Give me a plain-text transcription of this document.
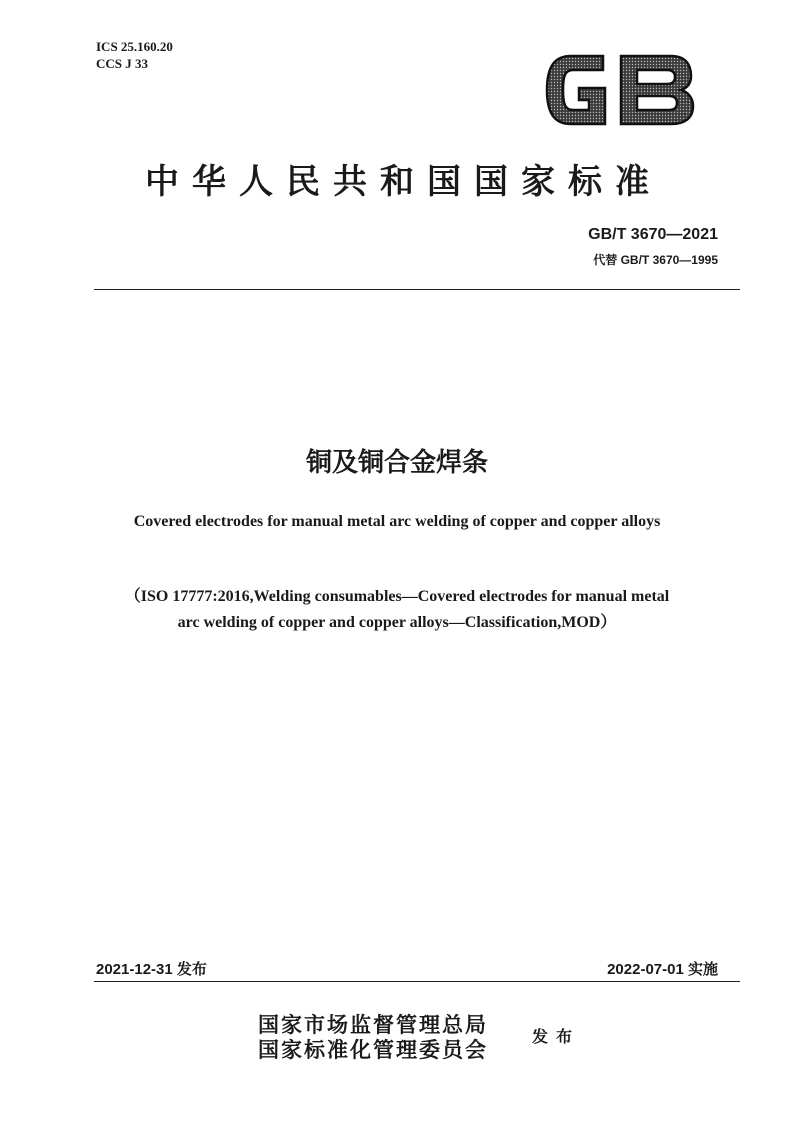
ICS 25.160.20
CCS J 33
中华人民共和国国家标准
GB/T 3670—2021
代替 GB/T 3670—1995
铜及铜合金焊条
Covered electrodes for manual metal arc welding of copper and copper alloys
（ISO 17777:2016,Welding consumables—Covered electrodes for manual metal
arc welding of copper and copper alloys—Classification,MOD）
2021-12-31 发布	2022-07-01 实施
国家市场监督管理总局
国家标准化管理委员会
发布
